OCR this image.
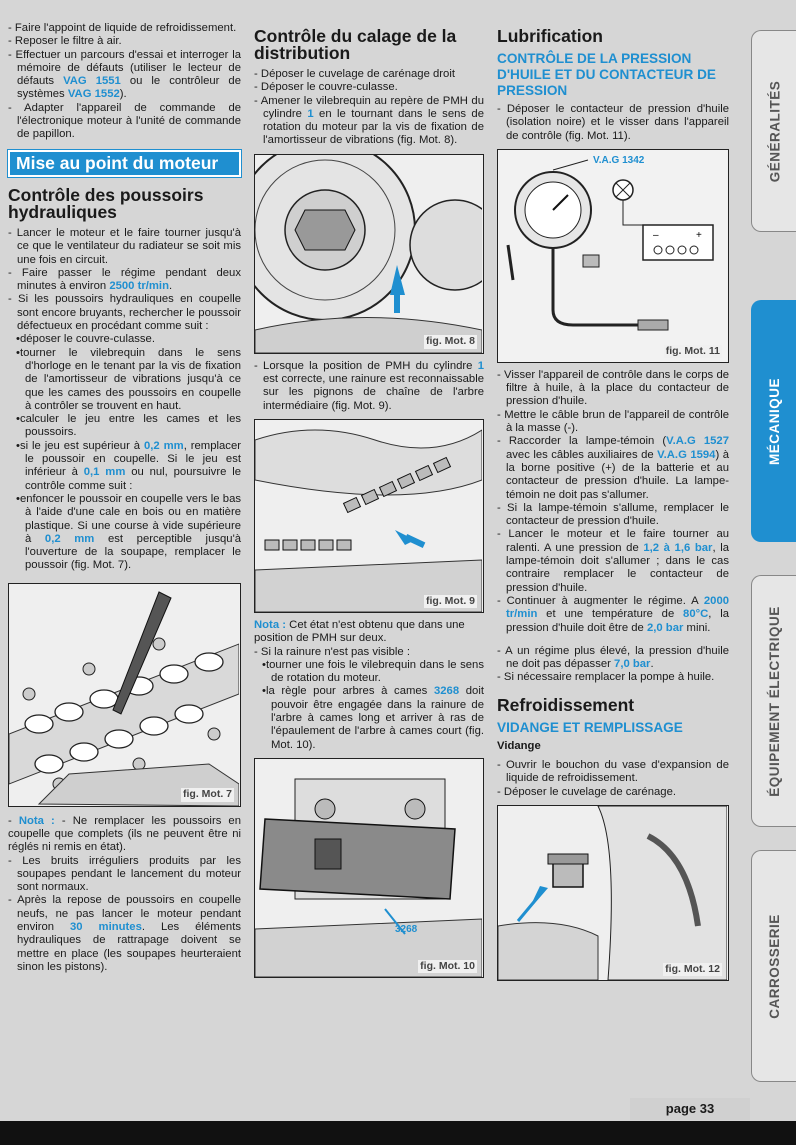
- Faire l'appoint de liquide de refroidissement.
- Reposer le filtre à air.
- Effectuer un parcours d'essai et interroger la mémoire de défauts (utiliser le lecteur de défauts VAG 1551 ou le contrôleur de systèmes VAG 1552).
- Adapter l'appareil de commande de l'électronique moteur à l'unité de commande de papillon.
Mise au point du moteur
Contrôle des poussoirs hydrauliques
- Lancer le moteur et le faire tourner jusqu'à ce que le ventilateur du radiateur se soit mis une fois en circuit.
- Faire passer le régime pendant deux minutes à environ 2500 tr/min.
- Si les poussoirs hydrauliques en coupelle sont encore bruyants, rechercher le poussoir défectueux en procédant comme suit :
• déposer le couvre-culasse.
• tourner le vilebrequin dans le sens d'horloge en le tenant par la vis de fixation de l'amortisseur de vibrations jusqu'à ce que les cames des poussoirs en coupelle à contrôler se trouvent en haut.
• calculer le jeu entre les cames et les poussoirs.
• si le jeu est supérieur à 0,2 mm, remplacer le poussoir en coupelle. Si le jeu est inférieur à 0,1 mm ou nul, poursuivre le contrôle comme suit :
• enfoncer le poussoir en coupelle vers le bas à l'aide d'une cale en bois ou en matière plastique. Si une course à vide supérieure à 0,2 mm est perceptible jusqu'à l'ouverture de la soupape, remplacer le poussoir (fig. Mot. 7).
fig. Mot. 7
- Nota : - Ne remplacer les poussoirs en coupelle que complets (ils ne peuvent être ni réglés ni remis en état).
- Les bruits irréguliers produits par les soupapes pendant le lancement du moteur sont normaux.
- Après la repose de poussoirs en coupelle neufs, ne pas lancer le moteur pendant environ 30 minutes. Les éléments hydrauliques de rattrapage doivent se mettre en place (les soupapes heurteraient sinon les pistons).
Contrôle du calage de la distribution
- Déposer le cuvelage de carénage droit
- Déposer le couvre-culasse.
- Amener le vilebrequin au repère de PMH du cylindre 1 en le tournant dans le sens de rotation du moteur par la vis de fixation de l'amortisseur de vibrations (fig. Mot. 8).
fig. Mot. 8
- Lorsque la position de PMH du cylindre 1 est correcte, une rainure est reconnaissable sur les pignons de chaîne de l'arbre intermédiaire (fig. Mot. 9).
fig. Mot. 9
Nota : Cet état n'est obtenu que dans une position de PMH sur deux.
- Si la rainure n'est pas visible :
• tourner une fois le vilebrequin dans le sens de rotation du moteur.
• la règle pour arbres à cames 3268 doit pouvoir être engagée dans la rainure de l'arbre à cames long et arriver à ras de l'épaulement de l'arbre à cames court (fig. Mot. 10).
3268
fig. Mot. 10
Lubrification
CONTRÔLE DE LA PRESSION D'HUILE ET DU CONTACTEUR DE PRESSION
- Déposer le contacteur de pression d'huile (isolation noire) et le visser dans l'appareil de contrôle (fig. Mot. 11).
–	+
V.A.G 1342
fig. Mot. 11
- Visser l'appareil de contrôle dans le corps de filtre à huile, à la place du contacteur de pression d'huile.
- Mettre le câble brun de l'appareil de contrôle à la masse (-).
- Raccorder la lampe-témoin (V.A.G 1527 avec les câbles auxiliaires de V.A.G 1594) à la borne positive (+) de la batterie et au contacteur de pression d'huile. La lampe-témoin ne doit pas s'allumer.
- Si la lampe-témoin s'allume, remplacer le contacteur de pression d'huile.
- Lancer le moteur et le faire tourner au ralenti. A une pression de 1,2 à 1,6 bar, la lampe-témoin doit s'allumer ; dans le cas contraire remplacer le contacteur de pression d'huile.
- Continuer à augmenter le régime. A 2000 tr/min et une température de 80°C, la pression d'huile doit être de 2,0 bar mini.
- A un régime plus élevé, la pression d'huile ne doit pas dépasser 7,0 bar.
- Si nécessaire remplacer la pompe à huile.
Refroidissement
VIDANGE ET REMPLISSAGE
Vidange
- Ouvrir le bouchon du vase d'expansion de liquide de refroidissement.
- Déposer le cuvelage de carénage.
fig. Mot. 12
GÉNÉRALITÉS
MÉCANIQUE
ÉQUIPEMENT ÉLECTRIQUE
CARROSSERIE
page 33
